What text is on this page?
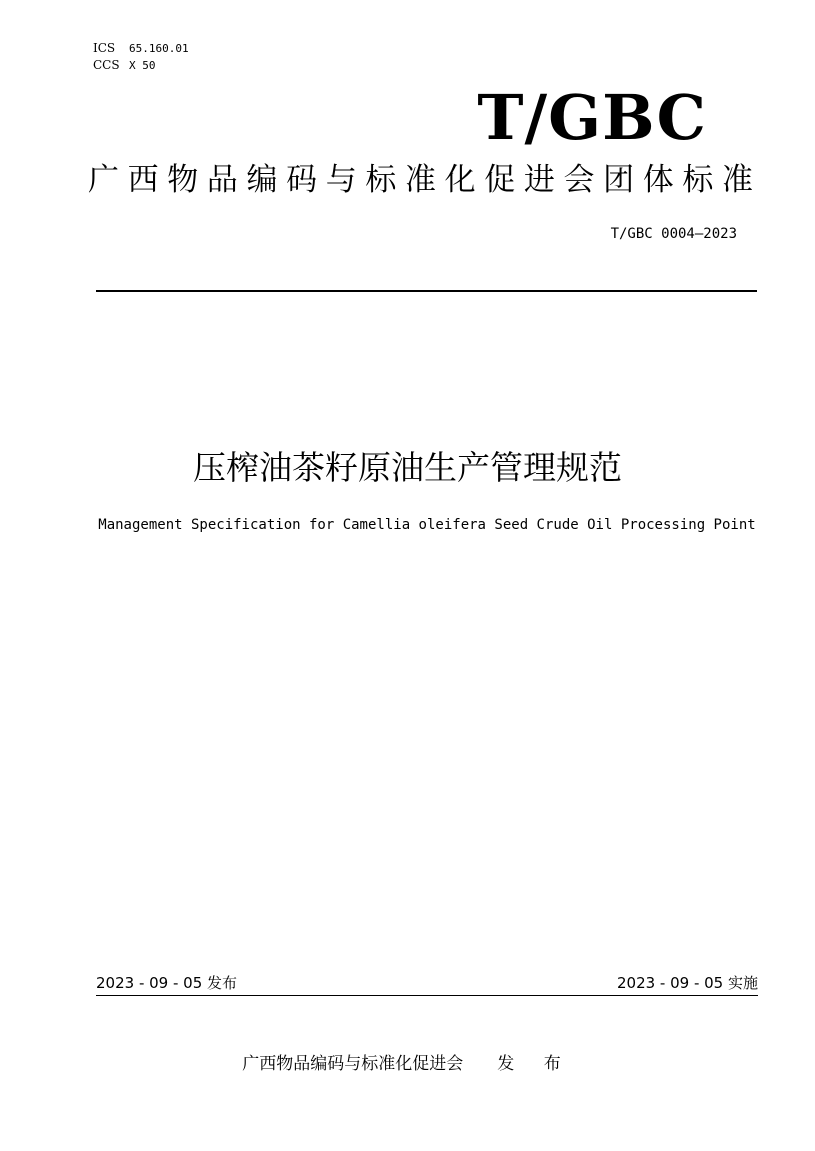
ICS 65.160.01
CCS X 50
T/GBC
广西物品编码与标准化促进会团体标准
T/GBC 0004—2023
压榨油茶籽原油生产管理规范
Management Specification for Camellia oleifera Seed Crude Oil Processing Point
2023 - 09 - 05 发布	2023 - 09 - 05 实施
广西物品编码与标准化促进会 发 布
